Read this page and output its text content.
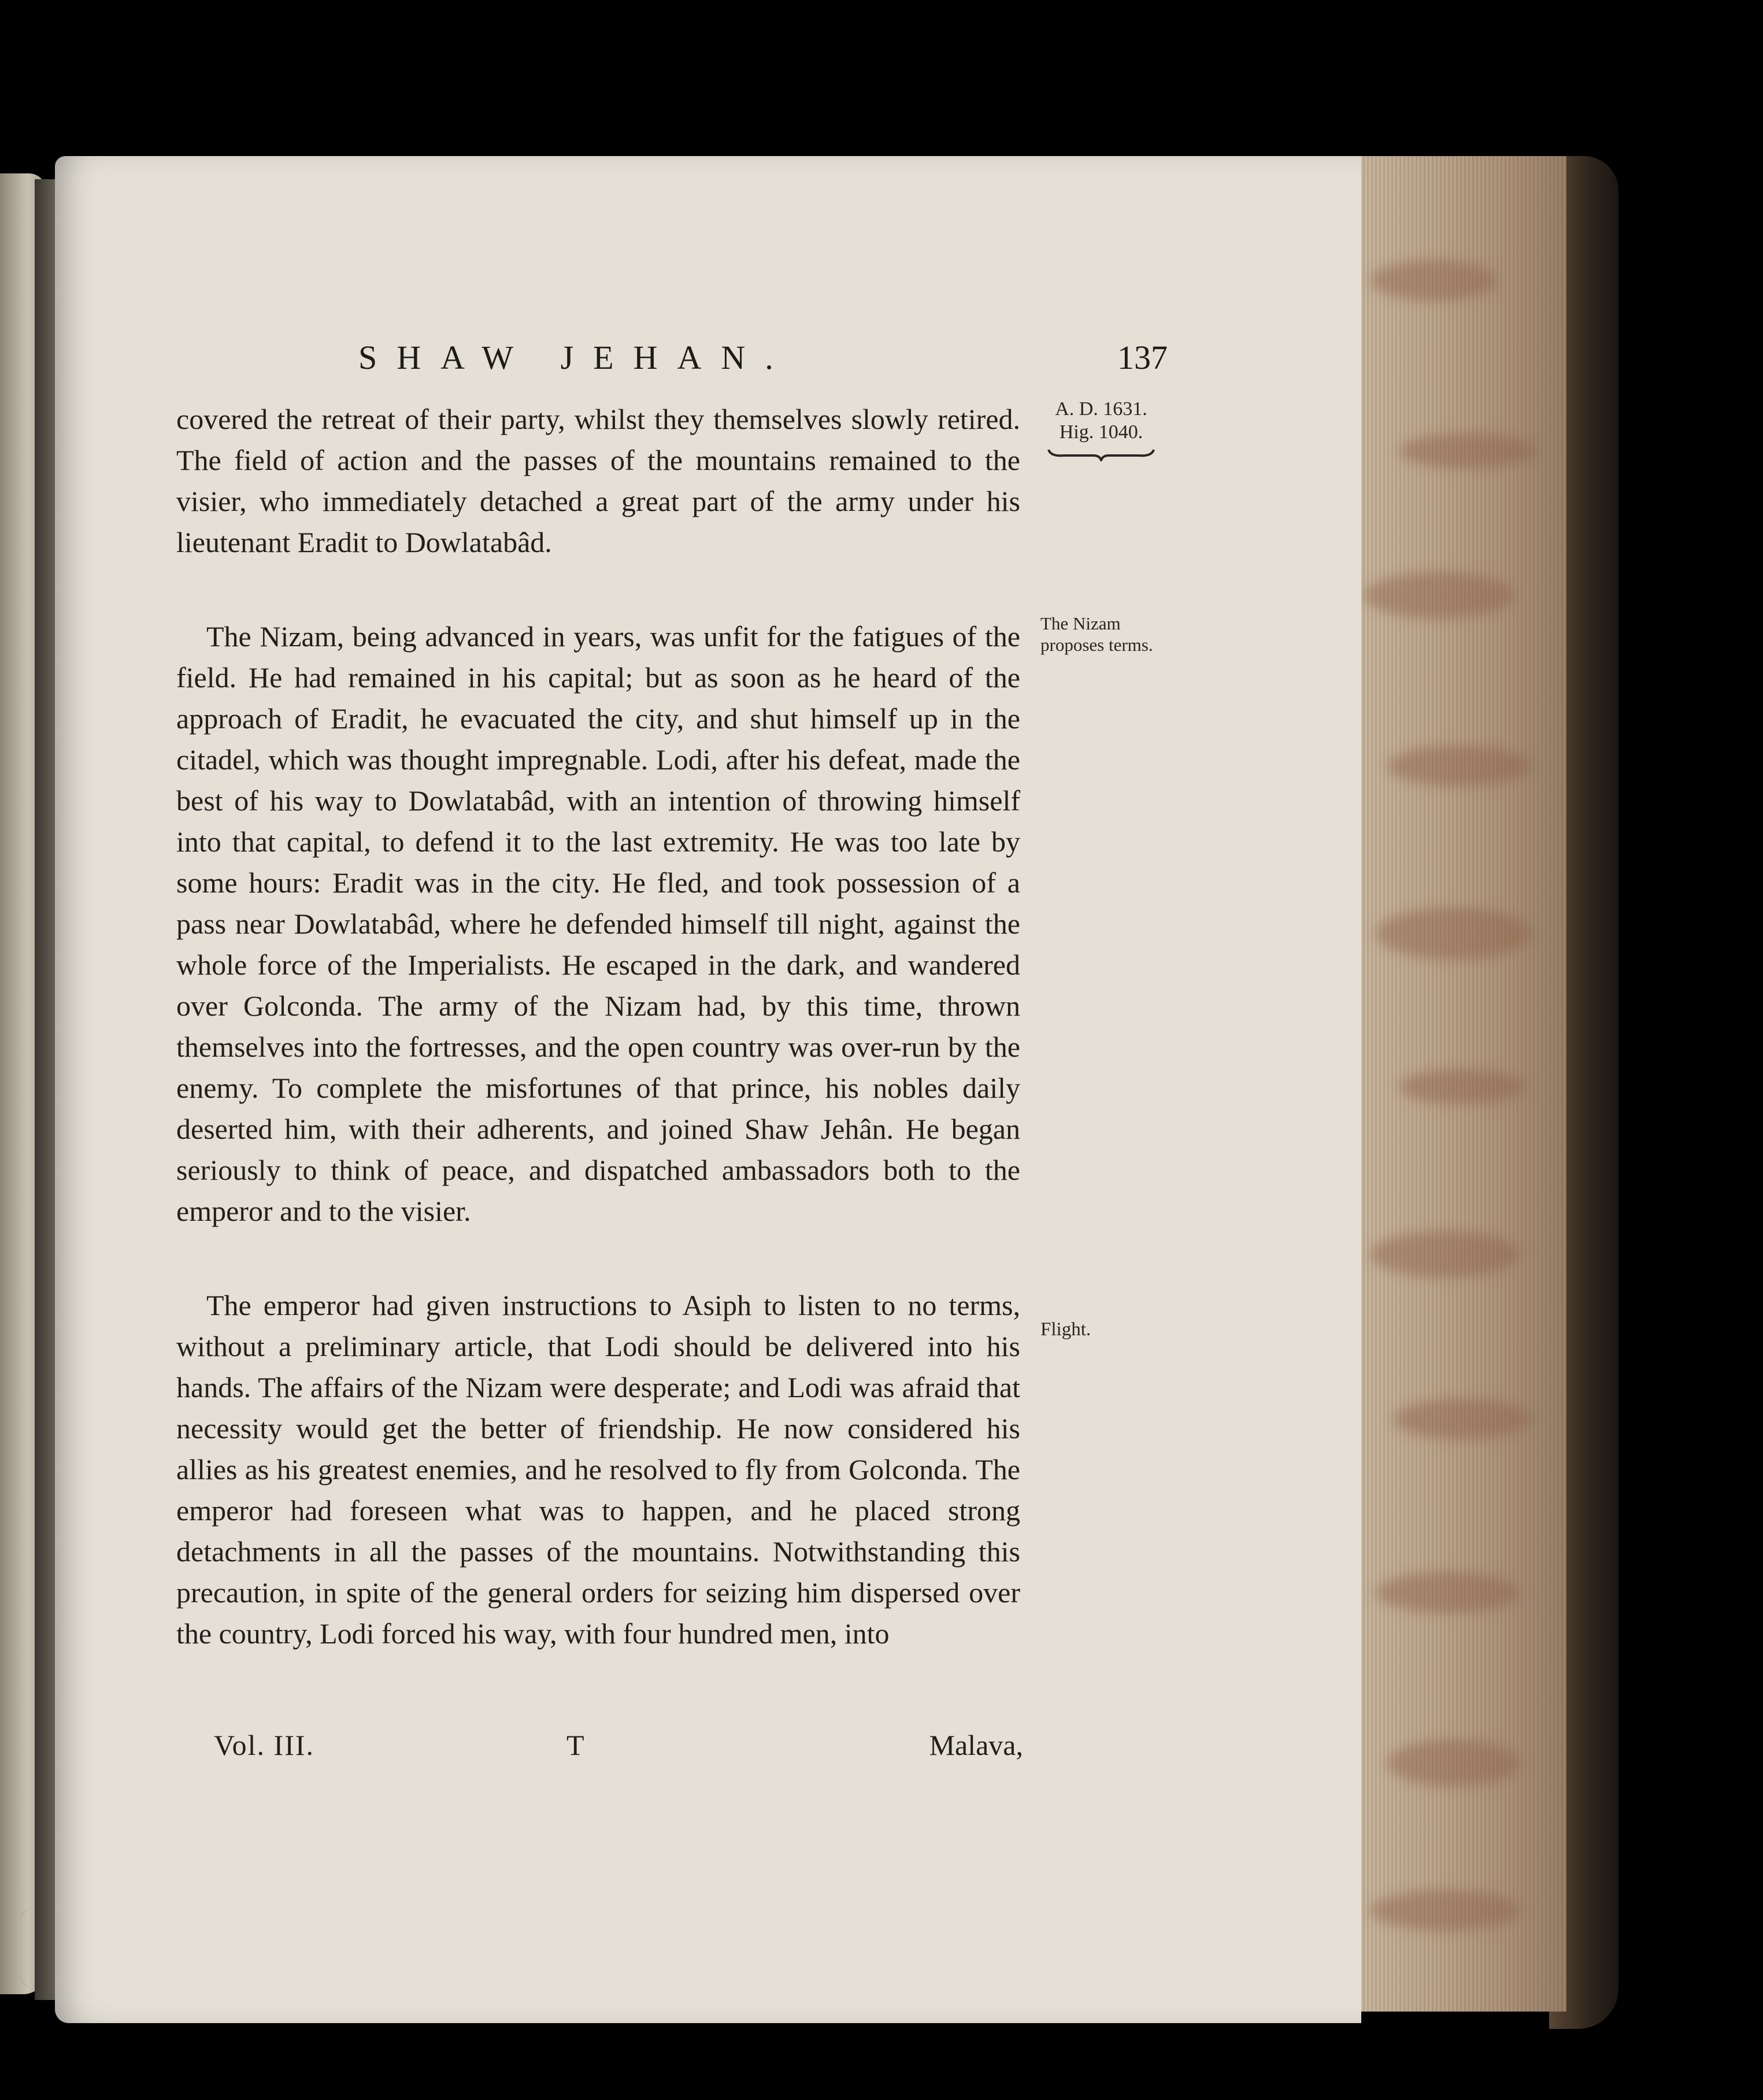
SHAW JEHAN.	137
A. D. 1631.
Hig. 1040.
The Nizam proposes terms.
Flight.

covered the retreat of their party, whilst they themselves slowly retired. The field of action and the passes of the mountains remained to the visier, who immediately detached a great part of the army under his lieutenant Eradit to Dowlatabâd.

The Nizam, being advanced in years, was unfit for the fatigues of the field. He had remained in his capital; but as soon as he heard of the approach of Eradit, he evacuated the city, and shut himself up in the citadel, which was thought impregnable. Lodi, after his defeat, made the best of his way to Dowlatabâd, with an intention of throwing himself into that capital, to defend it to the last extremity. He was too late by some hours: Eradit was in the city. He fled, and took possession of a pass near Dowlatabâd, where he defended himself till night, against the whole force of the Imperialists. He escaped in the dark, and wandered over Golconda. The army of the Nizam had, by this time, thrown themselves into the fortresses, and the open country was over-run by the enemy. To complete the misfortunes of that prince, his nobles daily deserted him, with their adherents, and joined Shaw Jehân. He began seriously to think of peace, and dispatched ambassadors both to the emperor and to the visier.

The emperor had given instructions to Asiph to listen to no terms, without a preliminary article, that Lodi should be delivered into his hands. The affairs of the Nizam were desperate; and Lodi was afraid that necessity would get the better of friendship. He now considered his allies as his greatest enemies, and he resolved to fly from Golconda. The emperor had foreseen what was to happen, and he placed strong detachments in all the passes of the mountains. Notwithstanding this precaution, in spite of the general orders for seizing him dispersed over the country, Lodi forced his way, with four hundred men, into

Vol. III.	T	Malava,
